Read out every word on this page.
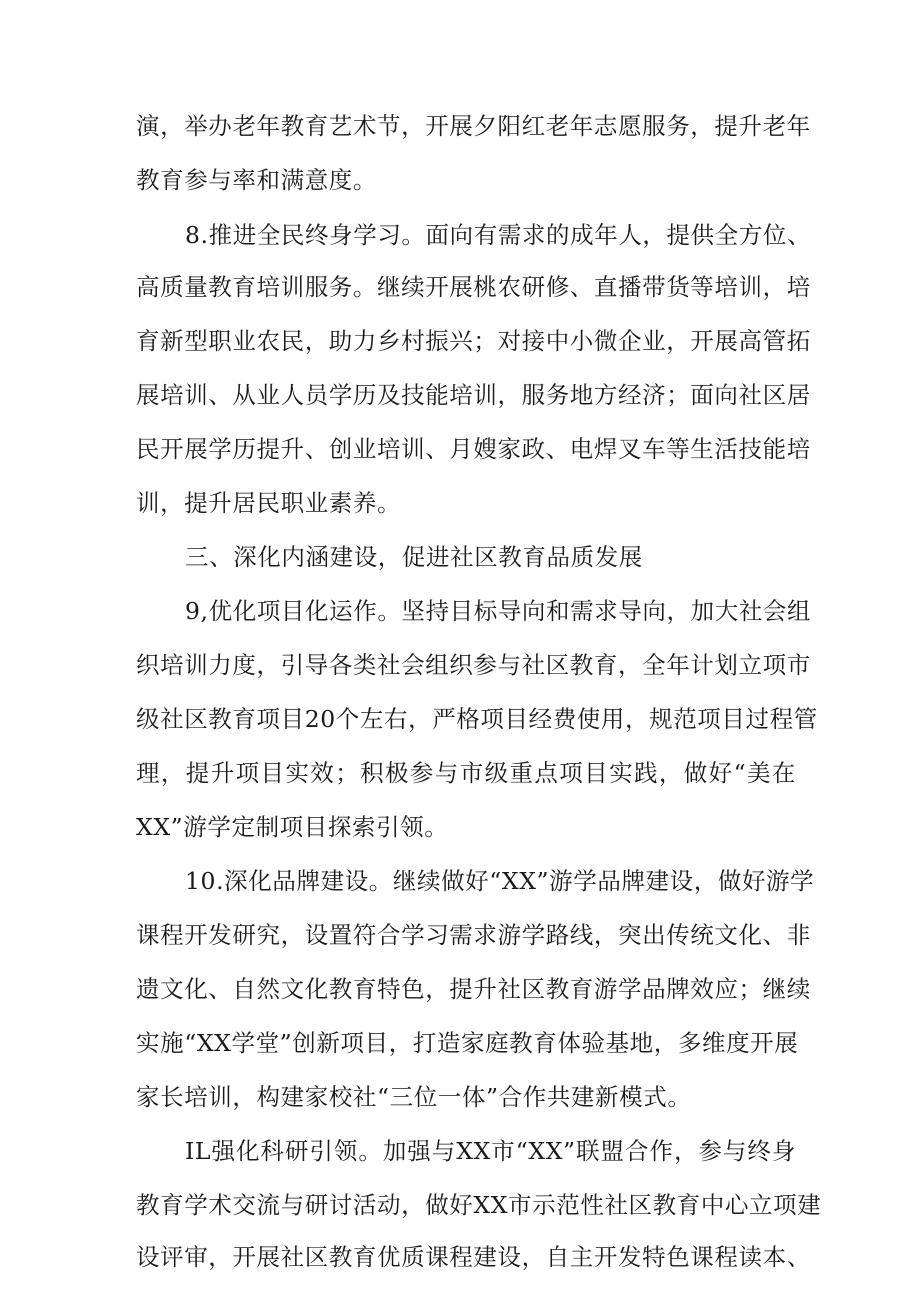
演，举办老年教育艺术节，开展夕阳红老年志愿服务，提升老年
教育参与率和满意度。
8.推进全民终身学习。面向有需求的成年人，提供全方位、
高质量教育培训服务。继续开展桃农研修、直播带货等培训，培
育新型职业农民，助力乡村振兴；对接中小微企业，开展高管拓
展培训、从业人员学历及技能培训，服务地方经济；面向社区居
民开展学历提升、创业培训、月嫂家政、电焊叉车等生活技能培
训，提升居民职业素养。
三、深化内涵建设，促进社区教育品质发展
9,优化项目化运作。坚持目标导向和需求导向，加大社会组
织培训力度，引导各类社会组织参与社区教育，全年计划立项市
级社区教育项目20个左右，严格项目经费使用，规范项目过程管
理，提升项目实效；积极参与市级重点项目实践，做好“美在
XX”游学定制项目探索引领。
10.深化品牌建设。继续做好“XX”游学品牌建设，做好游学
课程开发研究，设置符合学习需求游学路线，突出传统文化、非
遗文化、自然文化教育特色，提升社区教育游学品牌效应；继续
实施“XX学堂”创新项目，打造家庭教育体验基地，多维度开展
家长培训，构建家校社“三位一体”合作共建新模式。
IL强化科研引领。加强与XX市“XX”联盟合作，参与终身
教育学术交流与研讨活动，做好XX市示范性社区教育中心立项建
设评审，开展社区教育优质课程建设，自主开发特色课程读本、
